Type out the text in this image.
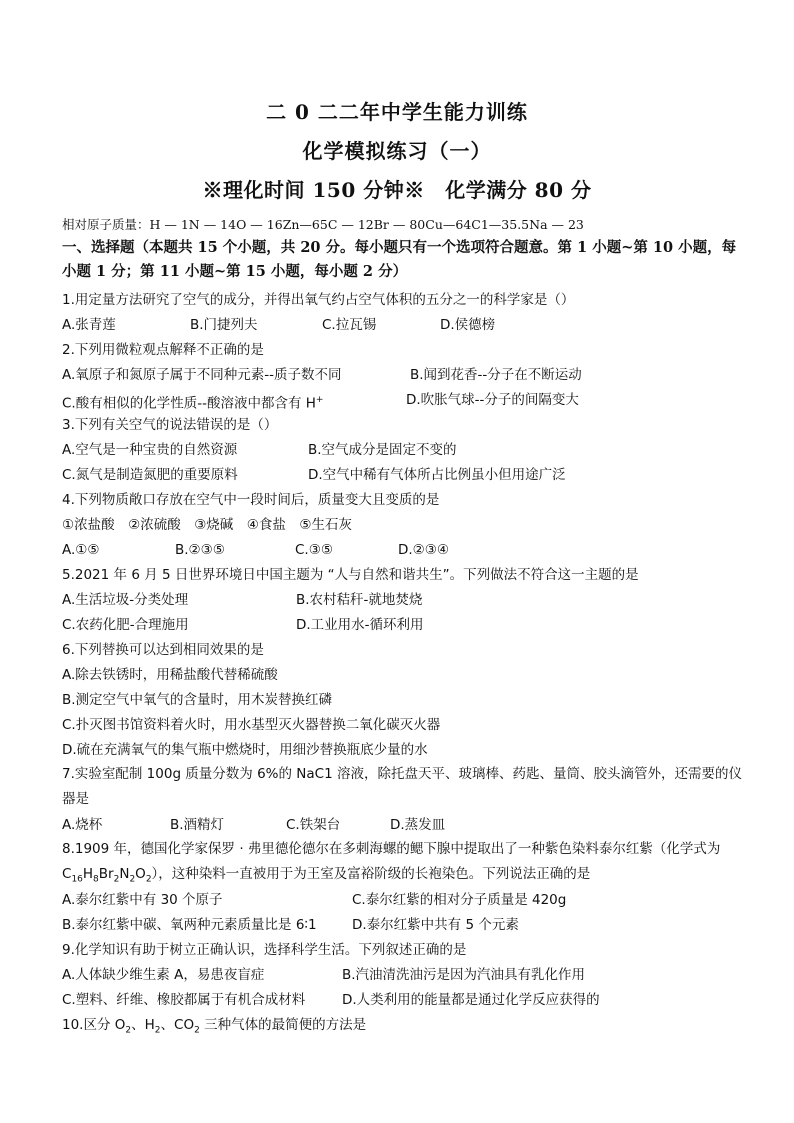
二 0 二二年中学生能力训练
化学模拟练习（一）
※理化时间 150 分钟※　化学满分 80 分
相对原子质量：H — 1N — 14O — 16Zn—65C — 12Br — 80Cu—64C1—35.5Na — 23
一、选择题（本题共 15 个小题，共 20 分。每小题只有一个选项符合题意。第 1 小题~第 10 小题，每小题 1 分；第 11 小题~第 15 小题，每小题 2 分）
1.用定量方法研究了空气的成分，并得出氧气约占空气体积的五分之一的科学家是（）
A.张青莲	B.门捷列夫	C.拉瓦锡	D.侯德榜
2.下列用微粒观点解释不正确的是
A.氧原子和氮原子属于不同种元素--质子数不同	B.闻到花香--分子在不断运动
C.酸有相似的化学性质--酸溶液中都含有 H+	D.吹胀气球--分子的间隔变大
3.下列有关空气的说法错误的是（）
A.空气是一种宝贵的自然资源	B.空气成分是固定不变的
C.氮气是制造氮肥的重要原料	D.空气中稀有气体所占比例虽小但用途广泛
4.下列物质敞口存放在空气中一段时间后，质量变大且变质的是
①浓盐酸　②浓硫酸　③烧碱　④食盐　⑤生石灰
A.①⑤	B.②③⑤	C.③⑤	D.②③④
5.2021 年 6 月 5 日世界环境日中国主题为 “人与自然和谐共生”。下列做法不符合这一主题的是
A.生活垃圾-分类处理	B.农村秸秆-就地焚烧
C.农药化肥-合理施用	D.工业用水-循环利用
6.下列替换可以达到相同效果的是
A.除去铁锈时，用稀盐酸代替稀硫酸
B.测定空气中氧气的含量时，用木炭替换红磷
C.扑灭图书馆资料着火时，用水基型灭火器替换二氧化碳灭火器
D.硫在充满氧气的集气瓶中燃烧时，用细沙替换瓶底少量的水
7.实验室配制 100g 质量分数为 6%的 NaC1 溶液，除托盘天平、玻璃棒、药匙、量筒、胶头滴管外，还需要的仪器是
A.烧杯	B.酒精灯	C.铁架台	D.蒸发皿
8.1909 年，德国化学家保罗 · 弗里德伦德尔在多刺海螺的鳃下腺中提取出了一种紫色染料泰尔红紫（化学式为 $C_{16}H_8Br_2N_2O_2$），这种染料一直被用于为王室及富裕阶级的长袍染色。下列说法正确的是
A.泰尔红紫中有 30 个原子	C.泰尔红紫的相对分子质量是 420g
B.泰尔红紫中碳、氧两种元素质量比是 6∶1	D.泰尔红紫中共有 5 个元素
9.化学知识有助于树立正确认识，选择科学生活。下列叙述正确的是
A.人体缺少维生素 A，易患夜盲症	B.汽油清洗油污是因为汽油具有乳化作用
C.塑料、纤维、橡胶都属于有机合成材料	D.人类利用的能量都是通过化学反应获得的
10.区分 $O_2$、$H_2$、$CO_2$ 三种气体的最简便的方法是
